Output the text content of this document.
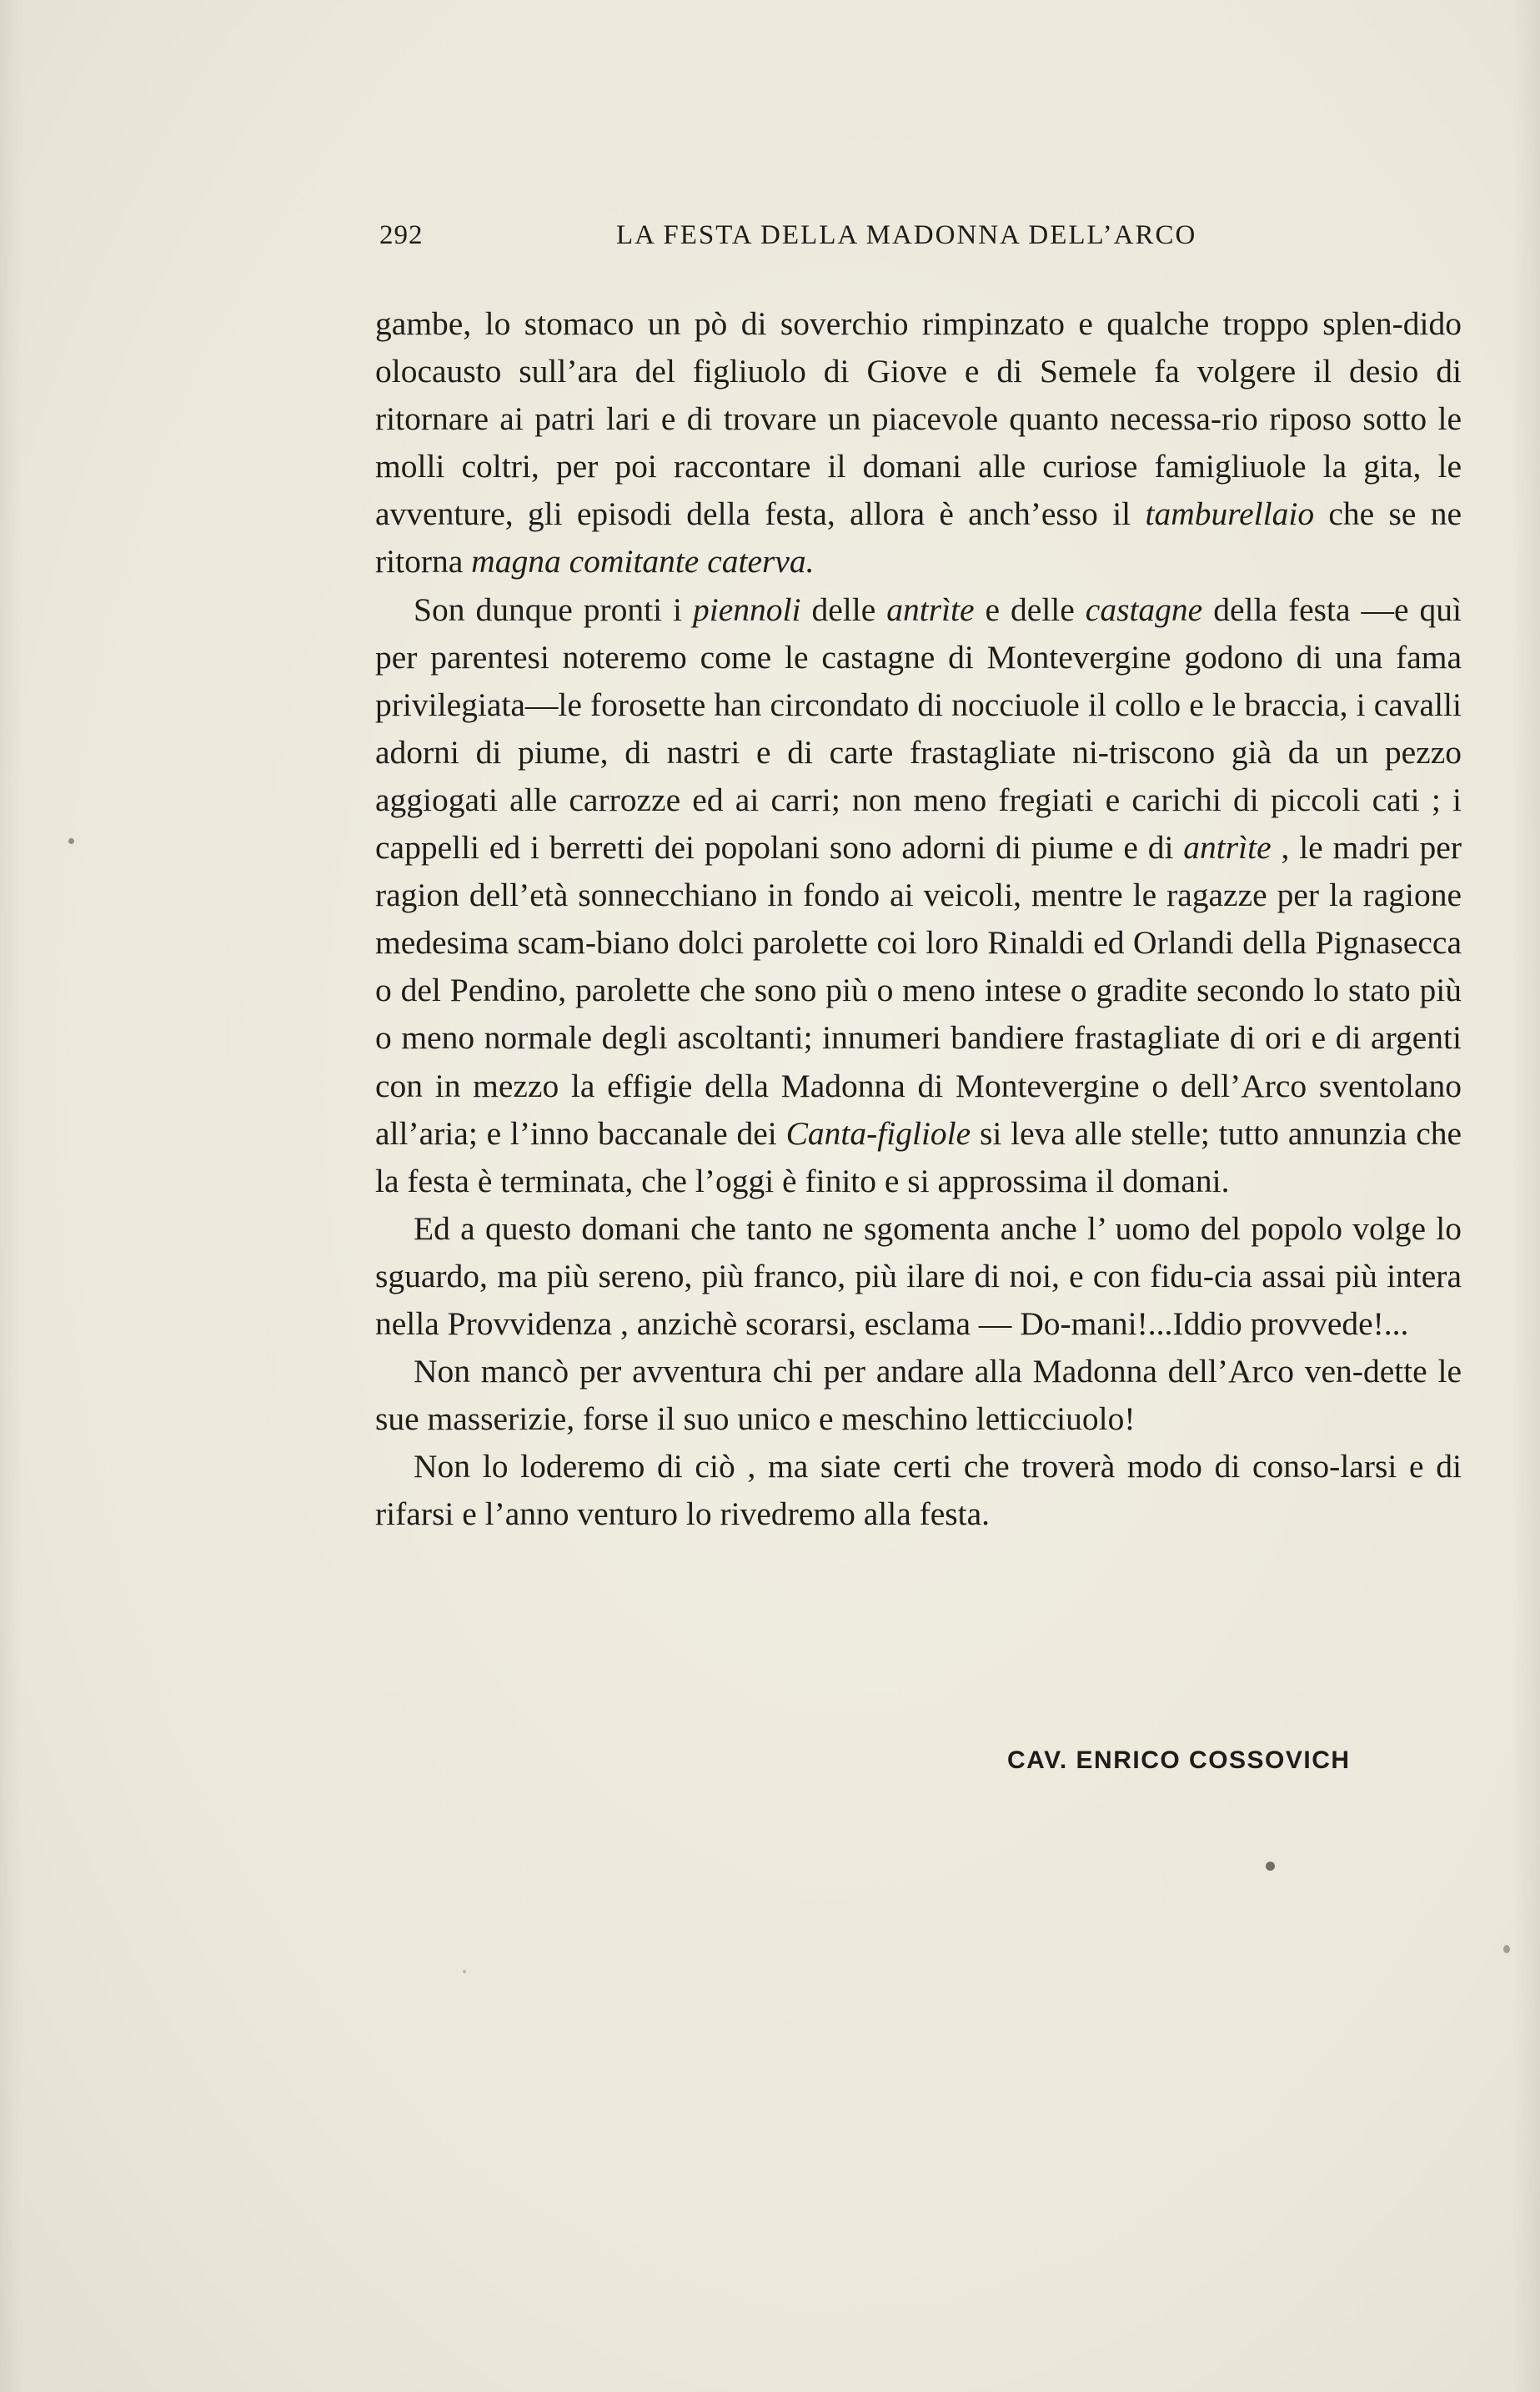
292	LA FESTA DELLA MADONNA DELL’ARCO

gambe, lo stomaco un pò di soverchio rimpinzato e qualche troppo splen-dido olocausto sull’ara del figliuolo di Giove e di Semele fa volgere il desio di ritornare ai patri lari e di trovare un piacevole quanto necessa-rio riposo sotto le molli coltri, per poi raccontare il domani alle curiose famigliuole la gita, le avventure, gli episodi della festa, allora è anch’esso il tamburellaio che se ne ritorna magna comitante caterva.

Son dunque pronti i piennoli delle antrìte e delle castagne della festa —e quì per parentesi noteremo come le castagne di Montevergine godono di una fama privilegiata—le forosette han circondato di nocciuole il collo e le braccia, i cavalli adorni di piume, di nastri e di carte frastagliate ni-triscono già da un pezzo aggiogati alle carrozze ed ai carri; non meno fregiati e carichi di piccoli cati ; i cappelli ed i berretti dei popolani sono adorni di piume e di antrìte , le madri per ragion dell’età sonnecchiano in fondo ai veicoli, mentre le ragazze per la ragione medesima scam-biano dolci parolette coi loro Rinaldi ed Orlandi della Pignasecca o del Pendino, parolette che sono più o meno intese o gradite secondo lo stato più o meno normale degli ascoltanti; innumeri bandiere frastagliate di ori e di argenti con in mezzo la effigie della Madonna di Montevergine o dell’Arco sventolano all’aria; e l’inno baccanale dei Canta-figliole si leva alle stelle; tutto annunzia che la festa è terminata, che l’oggi è finito e si approssima il domani.

Ed a questo domani che tanto ne sgomenta anche l’ uomo del popolo volge lo sguardo, ma più sereno, più franco, più ilare di noi, e con fidu-cia assai più intera nella Provvidenza , anzichè scorarsi, esclama — Do-mani!...Iddio provvede!...

Non mancò per avventura chi per andare alla Madonna dell’Arco ven-dette le sue masserizie, forse il suo unico e meschino letticciuolo!

Non lo loderemo di ciò , ma siate certi che troverà modo di conso-larsi e di rifarsi e l’anno venturo lo rivedremo alla festa.

CAV. ENRICO COSSOVICH
